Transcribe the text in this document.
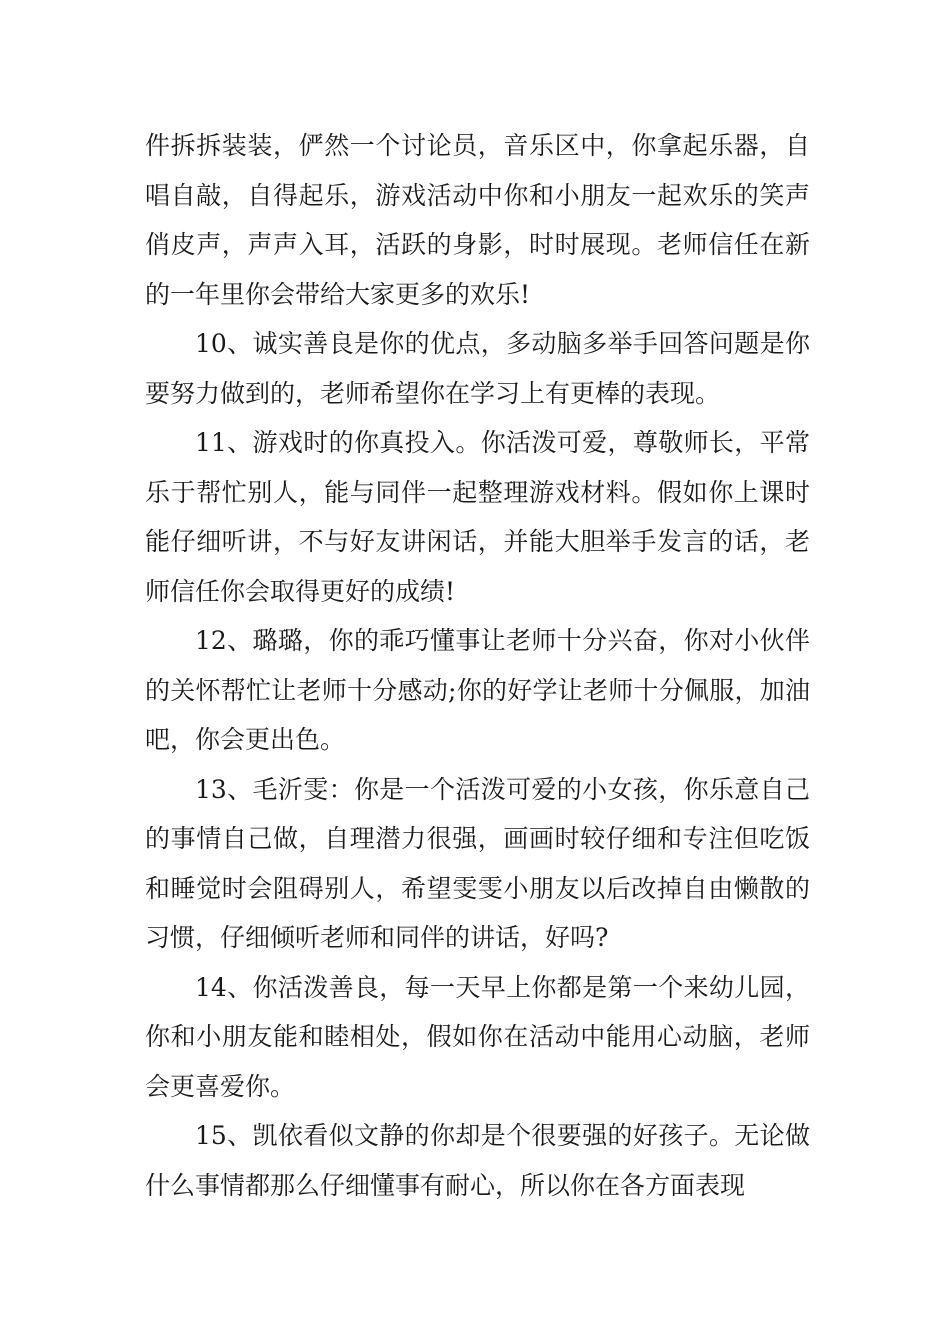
件拆拆装装，俨然一个讨论员，音乐区中，你拿起乐器，自唱自敲，自得起乐，游戏活动中你和小朋友一起欢乐的笑声俏皮声，声声入耳，活跃的身影，时时展现。老师信任在新的一年里你会带给大家更多的欢乐!

10、诚实善良是你的优点，多动脑多举手回答问题是你要努力做到的，老师希望你在学习上有更棒的表现。

11、游戏时的你真投入。你活泼可爱，尊敬师长，平常乐于帮忙别人，能与同伴一起整理游戏材料。假如你上课时能仔细听讲，不与好友讲闲话，并能大胆举手发言的话，老师信任你会取得更好的成绩!

12、璐璐，你的乖巧懂事让老师十分兴奋，你对小伙伴的关怀帮忙让老师十分感动;你的好学让老师十分佩服，加油吧，你会更出色。

13、毛沂雯：你是一个活泼可爱的小女孩，你乐意自己的事情自己做，自理潜力很强，画画时较仔细和专注但吃饭和睡觉时会阻碍别人，希望雯雯小朋友以后改掉自由懒散的习惯，仔细倾听老师和同伴的讲话，好吗?

14、你活泼善良，每一天早上你都是第一个来幼儿园，你和小朋友能和睦相处，假如你在活动中能用心动脑，老师会更喜爱你。

15、凯依看似文静的你却是个很要强的好孩子。无论做什么事情都那么仔细懂事有耐心，所以你在各方面表现
